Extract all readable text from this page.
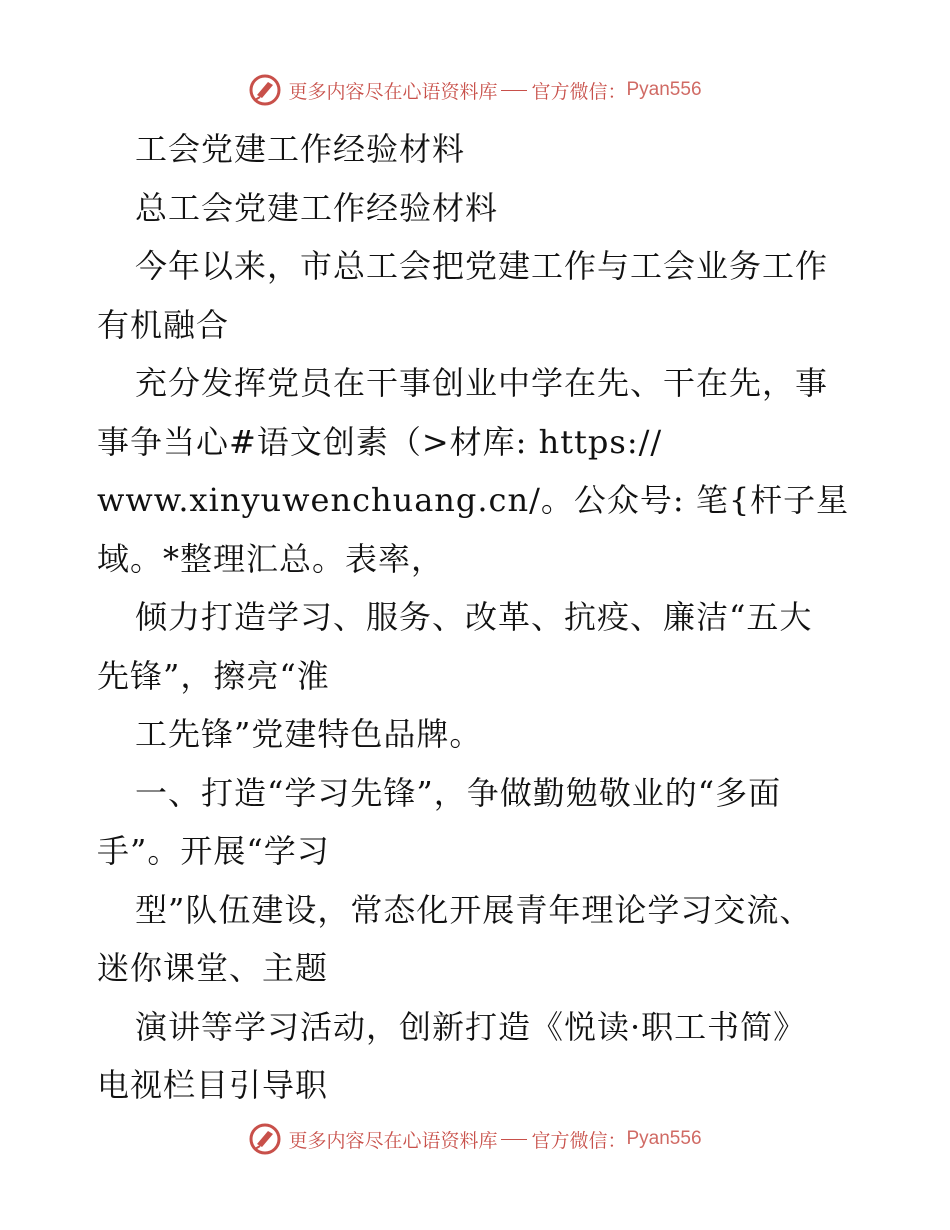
更多内容尽在心语资料库 官方微信： Pyan556
工会党建工作经验材料
总工会党建工作经验材料
今年以来，市总工会把党建工作与工会业务工作
有机融合
充分发挥党员在干事创业中学在先、干在先，事
事争当心#语文创素（>材库: https://
www.xinyuwenchuang.cn/。公众号: 笔{杆子星
域。*整理汇总。表率，
倾力打造学习、服务、改革、抗疫、廉洁“五大
先锋”，擦亮“淮
工先锋”党建特色品牌。
一、打造“学习先锋”，争做勤勉敬业的“多面
手”。开展“学习
型”队伍建设，常态化开展青年理论学习交流、
迷你课堂、主题
演讲等学习活动，创新打造《悦读·职工书简》
电视栏目引导职
更多内容尽在心语资料库 官方微信： Pyan556
